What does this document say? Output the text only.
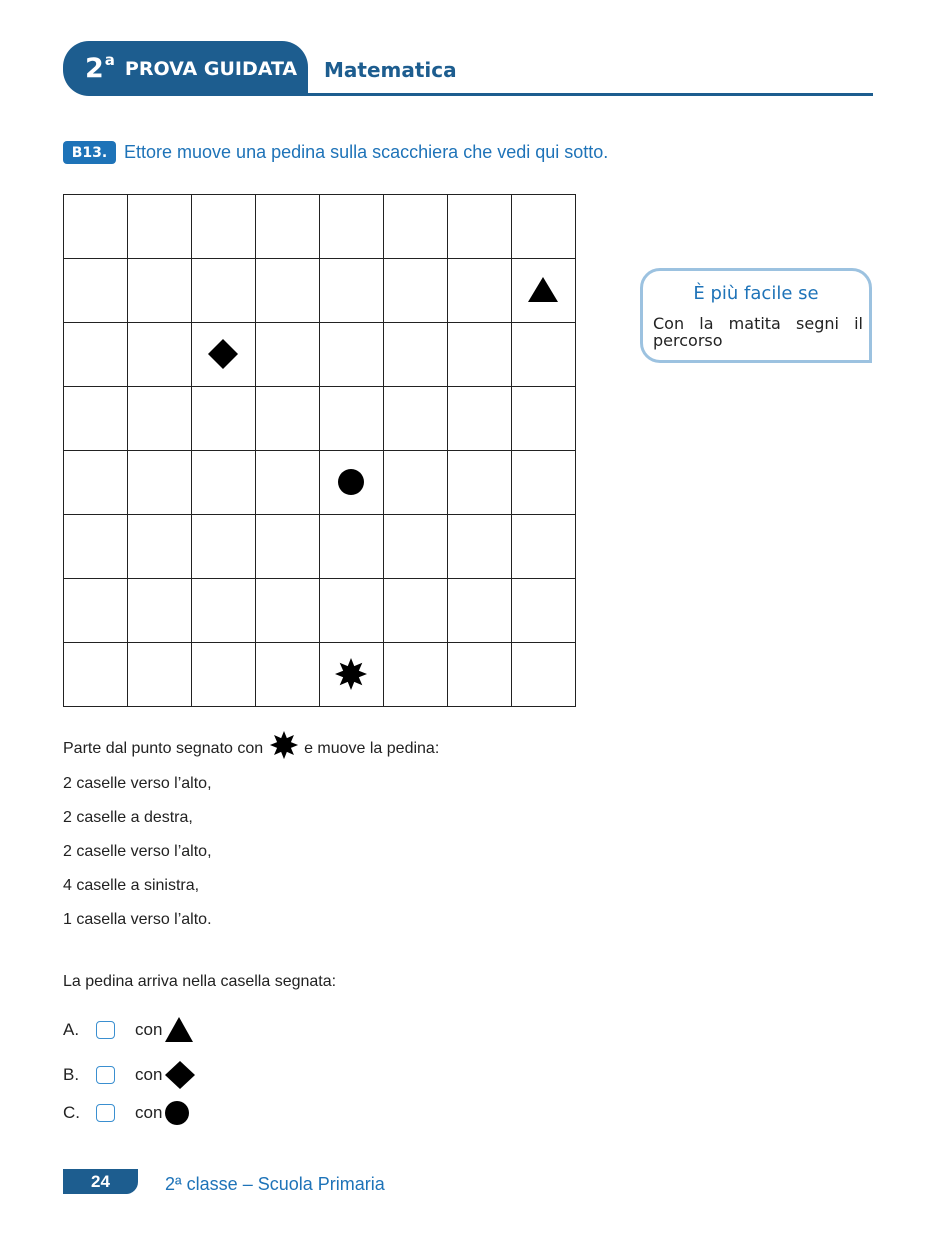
2 a PROVA GUIDATA Matematica
B13. Ettore muove una pedina sulla scacchiera che vedi qui sotto.

È più facile se
Con la matita segni il percorso
Parte dal punto segnato con	e muove la pedina:
2 caselle verso l’alto,
2 caselle a destra,
2 caselle verso l’alto,
4 caselle a sinistra,
1 casella verso l’alto.
La pedina arriva nella casella segnata:
A.	con
B.	con
C.	con
24	2ª classe – Scuola Primaria
